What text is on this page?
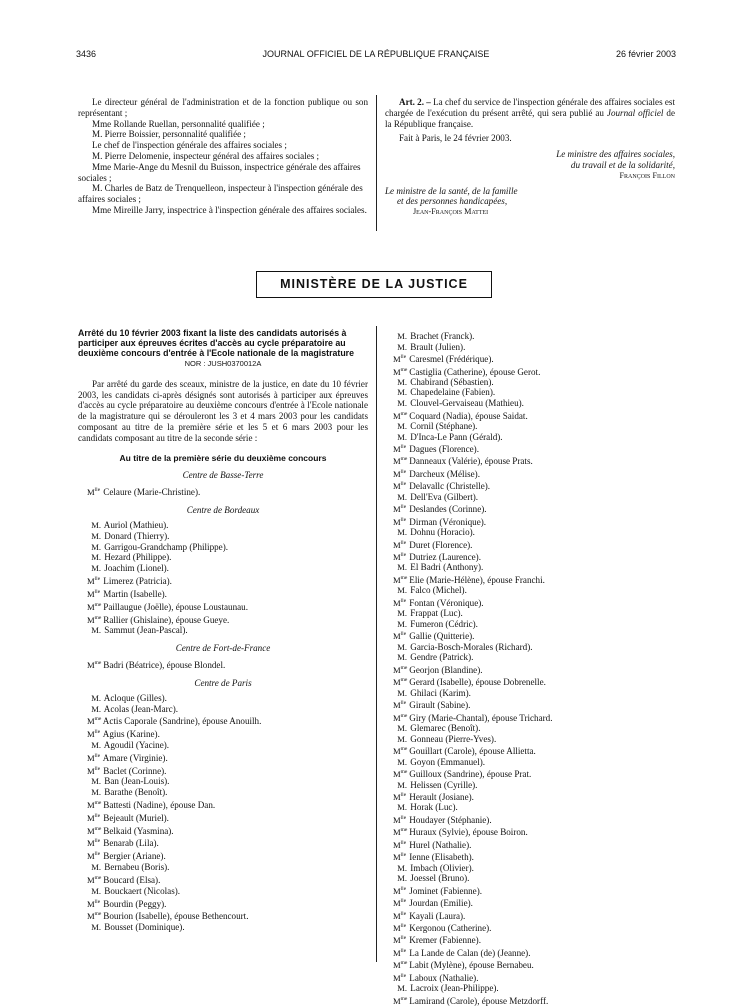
3436	JOURNAL OFFICIEL DE LA RÉPUBLIQUE FRANÇAISE	26 février 2003

Le directeur général de l'administration et de la fonction publique ou son représentant ;

Mme Rollande Ruellan, personnalité qualifiée ;

M. Pierre Boissier, personnalité qualifiée ;

Le chef de l'inspection générale des affaires sociales ;

M. Pierre Delomenie, inspecteur général des affaires sociales ;

Mme Marie-Ange du Mesnil du Buisson, inspectrice générale des affaires sociales ;

M. Charles de Batz de Trenquelleon, inspecteur à l'inspection générale des affaires sociales ;

Mme Mireille Jarry, inspectrice à l'inspection générale des affaires sociales.

Art. 2. – La chef du service de l'inspection générale des affaires sociales est chargée de l'exécution du présent arrêté, qui sera publié au Journal officiel de la République française.

Fait à Paris, le 24 février 2003.

Le ministre des affaires sociales,

du travail et de la solidarité,

François Fillon

Le ministre de la santé, de la famille

et des personnes handicapées,

Jean-François Mattei

MINISTÈRE DE LA JUSTICE

Arrêté du 10 février 2003 fixant la liste des candidats autorisés à participer aux épreuves écrites d'accès au cycle préparatoire au deuxième concours d'entrée à l'Ecole nationale de la magistrature

NOR : JUSH0370012A

Par arrêté du garde des sceaux, ministre de la justice, en date du 10 février 2003, les candidats ci-après désignés sont autorisés à participer aux épreuves d'accès au cycle préparatoire au deuxième concours d'entrée à l'Ecole nationale de la magistrature qui se dérouleront les 3 et 4 mars 2003 pour les candidats composant au titre de la première série et les 5 et 6 mars 2003 pour les candidats composant au titre de la seconde série :

Au titre de la première série du deuxième concours

Centre de Basse-Terre

$M^{lle}$ Celaure (Marie-Christine).

Centre de Bordeaux

M. Auriol (Mathieu).
M. Donard (Thierry).
M. Garrigou-Grandchamp (Philippe).
M. Hezard (Philippe).
M. Joachim (Lionel).
$M^{lle}$ Limerez (Patricia).
$M^{lle}$ Martin (Isabelle).
$M^{me}$ Paillaugue (Joëlle), épouse Loustaunau.
$M^{me}$ Rallier (Ghislaine), épouse Gueye.
M. Sammut (Jean-Pascal).

Centre de Fort-de-France

$M^{me}$ Badri (Béatrice), épouse Blondel.

Centre de Paris

M. Acloque (Gilles).
M. Acolas (Jean-Marc).
$M^{me}$ Actis Caporale (Sandrine), épouse Anouilh.
$M^{lle}$ Agius (Karine).
M. Agoudil (Yacine).
$M^{lle}$ Amare (Virginie).
$M^{lle}$ Baclet (Corinne).
M. Ban (Jean-Louis).
M. Barathe (Benoît).
$M^{me}$ Battesti (Nadine), épouse Dan.
$M^{lle}$ Bejeault (Muriel).
$M^{me}$ Belkaid (Yasmina).
$M^{lle}$ Benarab (Lila).
$M^{lle}$ Bergier (Ariane).
M. Bernabeu (Boris).
$M^{me}$ Boucard (Elsa).
M. Bouckaert (Nicolas).
$M^{lle}$ Bourdin (Peggy).
$M^{me}$ Bourion (Isabelle), épouse Bethencourt.
M. Bousset (Dominique).
M. Brachet (Franck).
M. Brault (Julien).
$M^{lle}$ Caresmel (Frédérique).
$M^{me}$ Castiglia (Catherine), épouse Gerot.
M. Chabirand (Sébastien).
M. Chapedelaine (Fabien).
M. Clouvel-Gervaiseau (Mathieu).
$M^{me}$ Coquard (Nadia), épouse Saidat.
M. Cornil (Stéphane).
M. D'Inca-Le Pann (Gérald).
$M^{lle}$ Dagues (Florence).
$M^{me}$ Danneaux (Valérie), épouse Prats.
$M^{lle}$ Darcheux (Mélise).
$M^{lle}$ Delavallc (Christelle).
M. Dell'Eva (Gilbert).
$M^{lle}$ Deslandes (Corinne).
$M^{lle}$ Dirman (Véronique).
M. Dohnu (Horacio).
$M^{lle}$ Duret (Florence).
$M^{lle}$ Dutriez (Laurence).
M. El Badri (Anthony).
$M^{me}$ Elie (Marie-Hélène), épouse Franchi.
M. Falco (Michel).
$M^{lle}$ Fontan (Véronique).
M. Frappat (Luc).
M. Fumeron (Cédric).
$M^{lle}$ Gallie (Quitterie).
M. Garcia-Bosch-Morales (Richard).
M. Gendre (Patrick).
$M^{me}$ Georjon (Blandine).
$M^{me}$ Gerard (Isabelle), épouse Dobrenelle.
M. Ghilaci (Karim).
$M^{lle}$ Girault (Sabine).
$M^{me}$ Giry (Marie-Chantal), épouse Trichard.
M. Glemarec (Benoît).
M. Gonneau (Pierre-Yves).
$M^{me}$ Gouillart (Carole), épouse Allietta.
M. Goyon (Emmanuel).
$M^{me}$ Guilloux (Sandrine), épouse Prat.
M. Helissen (Cyrille).
$M^{lle}$ Herault (Josiane).
M. Horak (Luc).
$M^{lle}$ Houdayer (Stéphanie).
$M^{me}$ Huraux (Sylvie), épouse Boiron.
$M^{lle}$ Hurel (Nathalie).
$M^{lle}$ Ienne (Elisabeth).
M. Imbach (Olivier).
M. Joessel (Bruno).
$M^{lle}$ Jominet (Fabienne).
$M^{lle}$ Jourdan (Emilie).
$M^{lle}$ Kayali (Laura).
$M^{lle}$ Kergonou (Catherine).
$M^{lle}$ Kremer (Fabienne).
$M^{lle}$ La Lande de Calan (de) (Jeanne).
$M^{me}$ Labit (Mylène), épouse Bernabeu.
$M^{lle}$ Laboux (Nathalie).
M. Lacroix (Jean-Philippe).
$M^{me}$ Lamirand (Carole), épouse Metzdorff.
